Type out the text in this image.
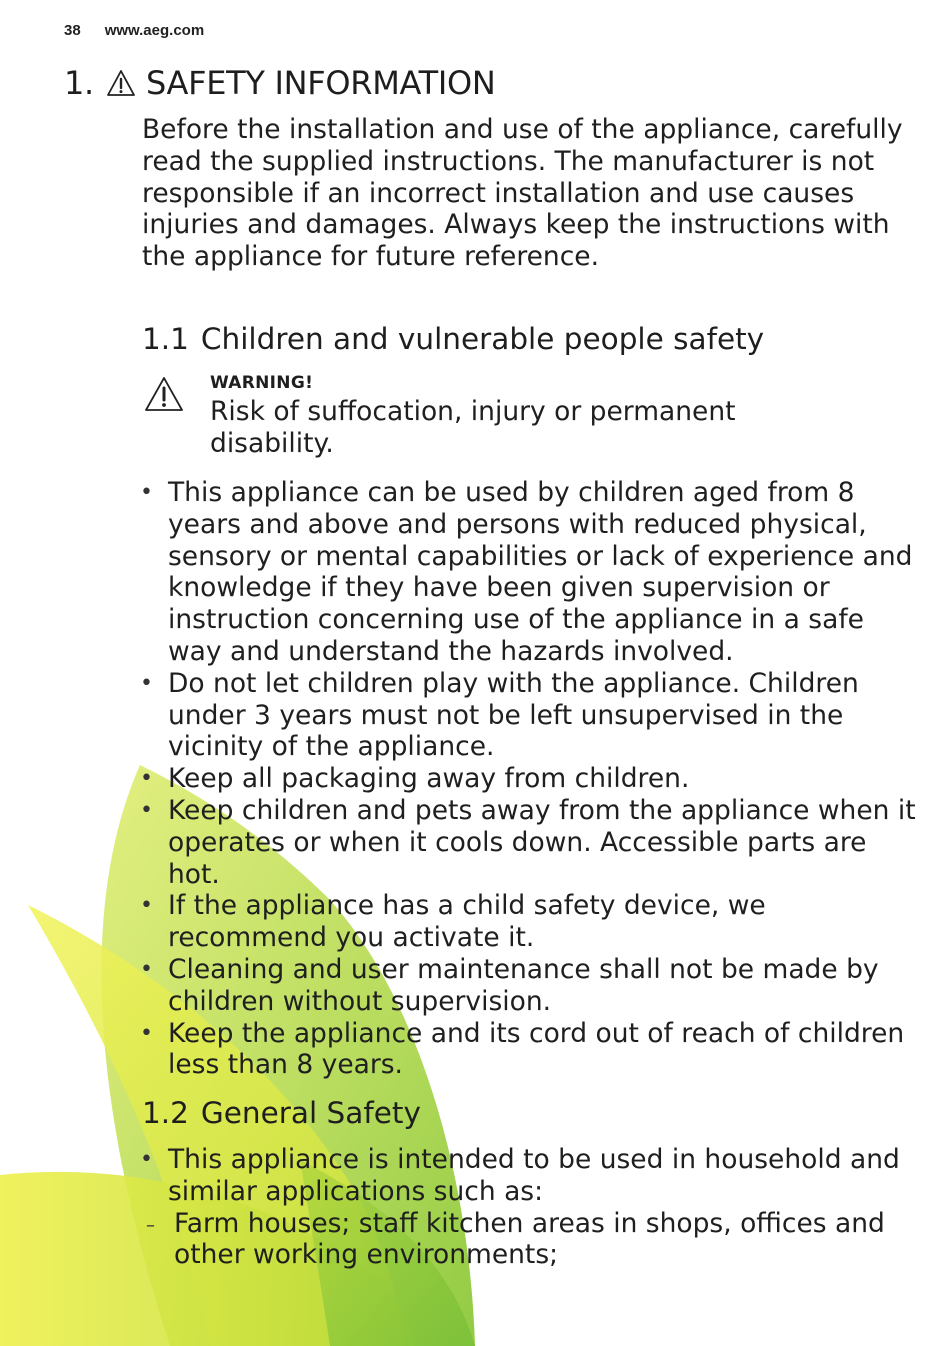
38 www.aeg.com
1. SAFETY INFORMATION

Before the installation and use of the appliance, carefully read the supplied instructions. The manufacturer is not responsible if an incorrect installation and use causes injuries and damages. Always keep the instructions with the appliance for future reference.

1.1 Children and vulnerable people safety
WARNING!
Risk of suffocation, injury or permanent disability.
• This appliance can be used by children aged from 8 years and above and persons with reduced physical, sensory or mental capabilities or lack of experience and knowledge if they have been given supervision or instruction concerning use of the appliance in a safe way and understand the hazards involved.
• Do not let children play with the appliance. Children under 3 years must not be left unsupervised in the vicinity of the appliance.
• Keep all packaging away from children.
• Keep children and pets away from the appliance when it operates or when it cools down. Accessible parts are hot.
• If the appliance has a child safety device, we recommend you activate it.
• Cleaning and user maintenance shall not be made by children without supervision.
• Keep the appliance and its cord out of reach of children less than 8 years.
1.2 General Safety
• This appliance is intended to be used in household and similar applications such as:
– Farm houses; staff kitchen areas in shops, offices and other working environments;
